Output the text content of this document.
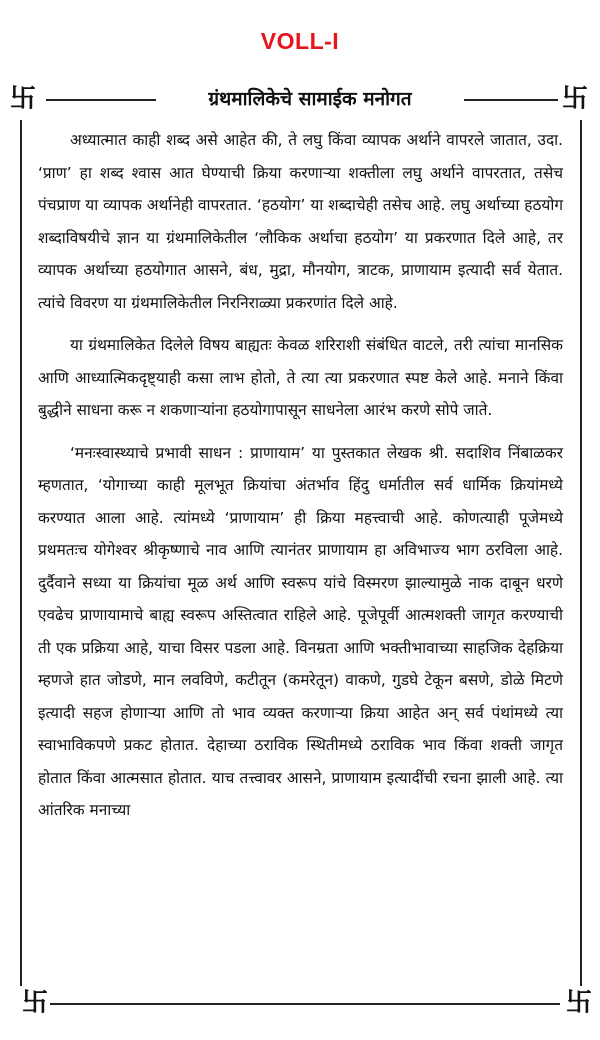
VOLL-I
卐	ग्रंथमालिकेचे सामाईक मनोगत	卐

अध्यात्मात काही शब्द असे आहेत की, ते लघु किंवा व्यापक अर्थाने वापरले जातात, उदा. ‘प्राण’ हा शब्द श्वास आत घेण्याची क्रिया करणाऱ्या शक्तीला लघु अर्थाने वापरतात, तसेच पंचप्राण या व्यापक अर्थानेही वापरतात. ‘हठयोग’ या शब्दाचेही तसेच आहे. लघु अर्थाच्या हठयोग शब्दाविषयीचे ज्ञान या ग्रंथमालिकेतील ‘लौकिक अर्थाचा हठयोग’ या प्रकरणात दिले आहे, तर व्यापक अर्थाच्या हठयोगात आसने, बंध, मुद्रा, मौनयोग, त्राटक, प्राणायाम इत्यादी सर्व येतात. त्यांचे विवरण या ग्रंथमालिकेतील निरनिराळ्या प्रकरणांत दिले आहे.

या ग्रंथमालिकेत दिलेले विषय बाह्यतः केवळ शरिराशी संबंधित वाटले, तरी त्यांचा मानसिक आणि आध्यात्मिकदृष्ट्याही कसा लाभ होतो, ते त्या त्या प्रकरणात स्पष्ट केले आहे. मनाने किंवा बुद्धीने साधना करू न शकणाऱ्यांना हठयोगापासून साधनेला आरंभ करणे सोपे जाते.

‘मनःस्वास्थ्याचे प्रभावी साधन : प्राणायाम’ या पुस्तकात लेखक श्री. सदाशिव निंबाळकर म्हणतात, ‘योगाच्या काही मूलभूत क्रियांचा अंतर्भाव हिंदु धर्मातील सर्व धार्मिक क्रियांमध्ये करण्यात आला आहे. त्यांमध्ये ‘प्राणायाम’ ही क्रिया महत्त्वाची आहे. कोणत्याही पूजेमध्ये प्रथमतःच योगेश्वर श्रीकृष्णाचे नाव आणि त्यानंतर प्राणायाम हा अविभाज्य भाग ठरविला आहे. दुर्दैवाने सध्या या क्रियांचा मूळ अर्थ आणि स्वरूप यांचे विस्मरण झाल्यामुळे नाक दाबून धरणे एवढेच प्राणायामाचे बाह्य स्वरूप अस्तित्वात राहिले आहे. पूजेपूर्वी आत्मशक्ती जागृत करण्याची ती एक प्रक्रिया आहे, याचा विसर पडला आहे. विनम्रता आणि भक्तीभावाच्या साहजिक देहक्रिया म्हणजे हात जोडणे, मान लवविणे, कटीतून (कमरेतून) वाकणे, गुडघे टेकून बसणे, डोळे मिटणे इत्यादी सहज होणाऱ्या आणि तो भाव व्यक्त करणाऱ्या क्रिया आहेत अन् सर्व पंथांमध्ये त्या स्वाभाविकपणे प्रकट होतात. देहाच्या ठराविक स्थितीमध्ये ठराविक भाव किंवा शक्ती जागृत होतात किंवा आत्मसात होतात. याच तत्त्वावर आसने, प्राणायाम इत्यादींची रचना झाली आहे. त्या आंतरिक मनाच्या

卐	卐
